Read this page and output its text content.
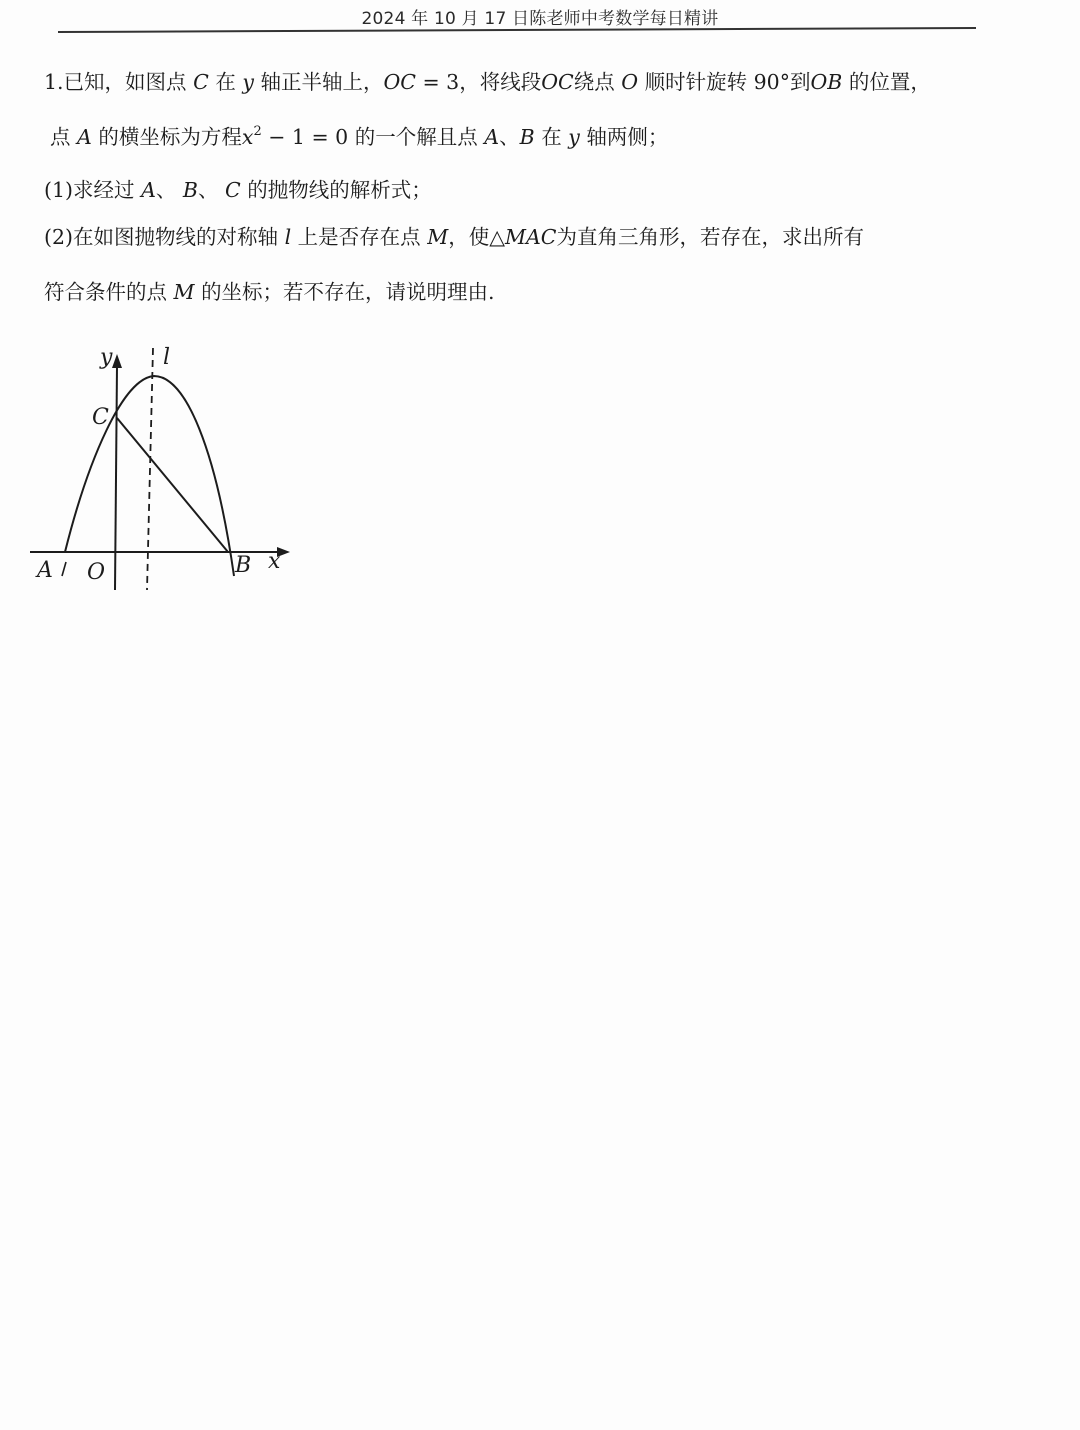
2024 年 10 月 17 日陈老师中考数学每日精讲
1.已知，如图点 C 在 y 轴正半轴上，OC = 3，将线段OC绕点 O 顺时针旋转 90°到OB 的位置，
点 A 的横坐标为方程$x^2 - 1 = 0$ 的一个解且点 A、B 在 y 轴两侧；
(1)求经过 A、 B、 C 的抛物线的解析式；
(2)在如图抛物线的对称轴 l 上是否存在点 M，使△MAC为直角三角形，若存在，求出所有
符合条件的点 M 的坐标；若不存在，请说明理由.
y l
C
A O	B x
